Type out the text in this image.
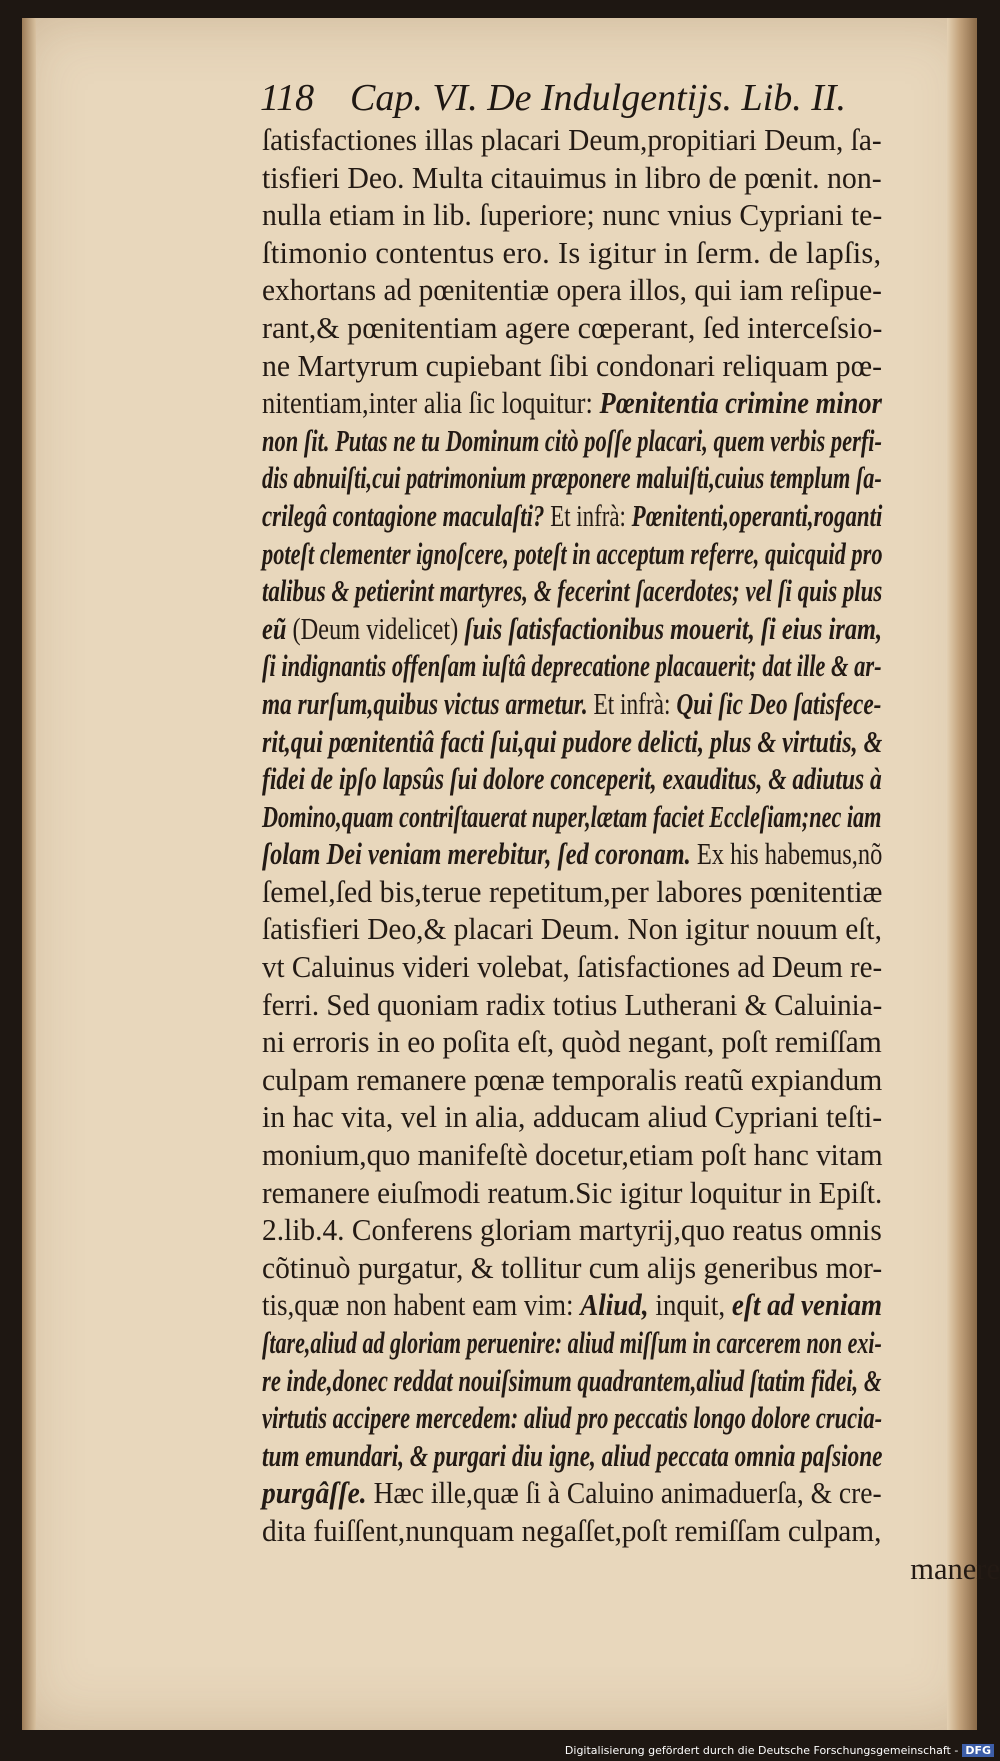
118 Cap. VI. De Indulgentijs. Lib. II.
ſatisfactiones illas placari Deum,propitiari Deum, ſa-
tisfieri Deo. Multa citauimus in libro de pœnit. non-
nulla etiam in lib. ſuperiore; nunc vnius Cypriani te-
ſtimonio contentus ero. Is igitur in ſerm. de lapſis,
exhortans ad pœnitentiæ opera illos, qui iam reſipue-
rant,& pœnitentiam agere cœperant, ſed interceſsio-
ne Martyrum cupiebant ſibi condonari reliquam pœ-
nitentiam,inter alia ſic loquitur: Pœnitentia crimine minor
non ſit. Putas ne tu Dominum citò poſſe placari, quem verbis perfi-
dis abnuiſti,cui patrimonium præponere maluiſti,cuius templum ſa-
crilegâ contagione maculaſti? Et infrà: Pœnitenti,operanti,roganti
poteſt clementer ignoſcere, poteſt in acceptum referre, quicquid pro
talibus & petierint martyres, & fecerint ſacerdotes; vel ſi quis plus
eũ (Deum videlicet) ſuis ſatisfactionibus mouerit, ſi eius iram,
ſi indignantis offenſam iuſtâ deprecatione placauerit; dat ille & ar-
ma rurſum,quibus victus armetur. Et infrà: Qui ſic Deo ſatisfece-
rit,qui pœnitentiâ facti ſui,qui pudore delicti, plus & virtutis, &
fidei de ipſo lapsûs ſui dolore conceperit, exauditus, & adiutus à
Domino,quam contriſtauerat nuper,lætam faciet Eccleſiam;nec iam
ſolam Dei veniam merebitur, ſed coronam. Ex his habemus,nõ
ſemel,ſed bis,terue repetitum,per labores pœnitentiæ
ſatisfieri Deo,& placari Deum. Non igitur nouum eſt,
vt Caluinus videri volebat, ſatisfactiones ad Deum re-
ferri. Sed quoniam radix totius Lutherani & Caluinia-
ni erroris in eo poſita eſt, quòd negant, poſt remiſſam
culpam remanere pœnæ temporalis reatũ expiandum
in hac vita, vel in alia, adducam aliud Cypriani teſti-
monium,quo manifeſtè docetur,etiam poſt hanc vitam
remanere eiuſmodi reatum.Sic igitur loquitur in Epiſt.
2.lib.4. Conferens gloriam martyrij,quo reatus omnis
cõtinuò purgatur, & tollitur cum alijs generibus mor-
tis,quæ non habent eam vim: Aliud, inquit, eſt ad veniam
ſtare,aliud ad gloriam peruenire: aliud miſſum in carcerem non exi-
re inde,donec reddat nouiſsimum quadrantem,aliud ſtatim fidei, &
virtutis accipere mercedem: aliud pro peccatis longo dolore crucia-
tum emundari, & purgari diu igne, aliud peccata omnia paſsione
purgâſſe. Hæc ille,quæ ſi à Caluino animaduerſa, & cre-
dita fuiſſent,nunquam negaſſet,poſt remiſſam culpam,
manere
Digitalisierung gefördert durch die Deutsche Forschungsgemeinschaft - DFG
